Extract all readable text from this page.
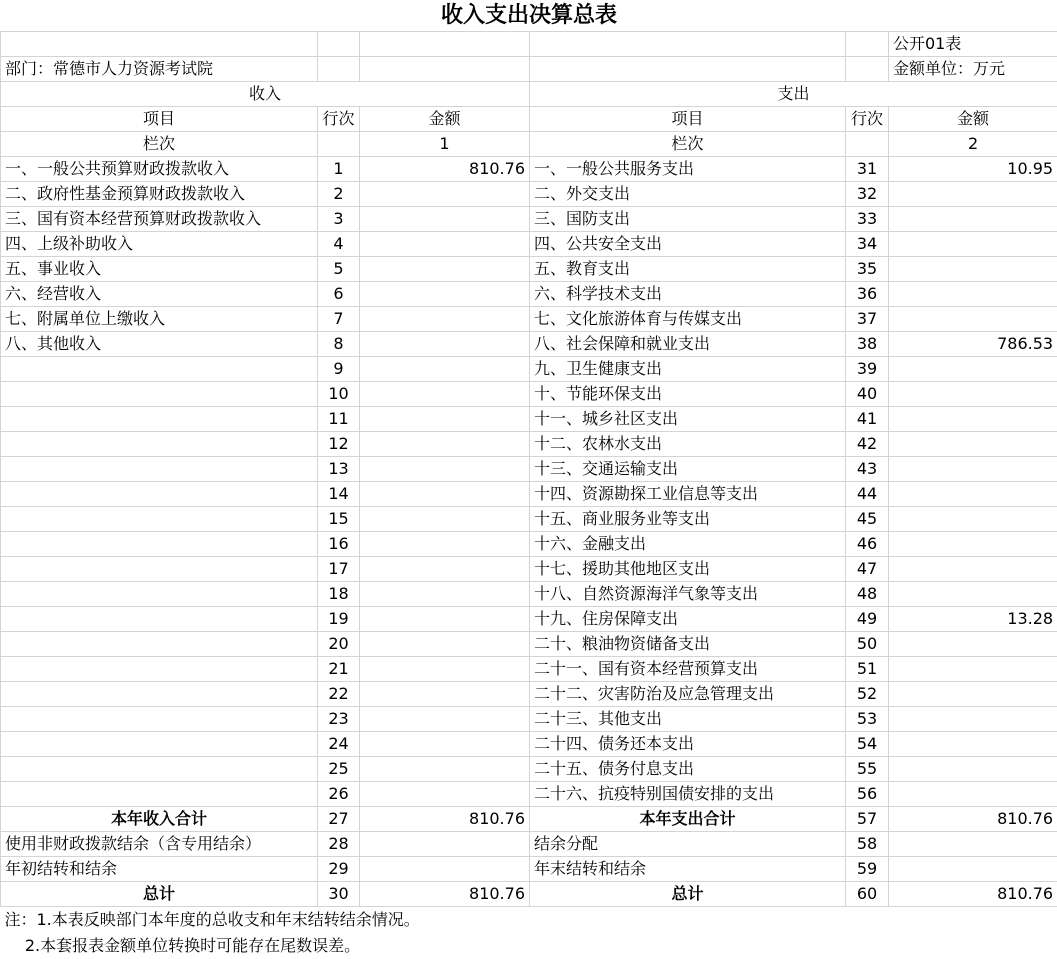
收入支出决算总表					
					公开01表
部门：常德市人力资源考试院					金额单位：万元
收入			支出		
项目	行次	金额	项目	行次	金额
栏次		1	栏次		2
一、一般公共预算财政拨款收入	1	810.76	一、一般公共服务支出	31	10.95
二、政府性基金预算财政拨款收入	2		二、外交支出	32	
三、国有资本经营预算财政拨款收入	3		三、国防支出	33	
四、上级补助收入	4		四、公共安全支出	34	
五、事业收入	5		五、教育支出	35	
六、经营收入	6		六、科学技术支出	36	
七、附属单位上缴收入	7		七、文化旅游体育与传媒支出	37	
八、其他收入	8		八、社会保障和就业支出	38	786.53
	9		九、卫生健康支出	39	
	10		十、节能环保支出	40	
	11		十一、城乡社区支出	41	
	12		十二、农林水支出	42	
	13		十三、交通运输支出	43	
	14		十四、资源勘探工业信息等支出	44	
	15		十五、商业服务业等支出	45	
	16		十六、金融支出	46	
	17		十七、援助其他地区支出	47	
	18		十八、自然资源海洋气象等支出	48	
	19		十九、住房保障支出	49	13.28
	20		二十、粮油物资储备支出	50	
	21		二十一、国有资本经营预算支出	51	
	22		二十二、灾害防治及应急管理支出	52	
	23		二十三、其他支出	53	
	24		二十四、债务还本支出	54	
	25		二十五、债务付息支出	55	
	26		二十六、抗疫特别国债安排的支出	56	
本年收入合计	27	810.76	本年支出合计	57	810.76
使用非财政拨款结余（含专用结余）	28		结余分配	58	
年初结转和结余	29		年末结转和结余	59	
总计	30	810.76	总计	60	810.76
注：1.本表反映部门本年度的总收支和年末结转结余情况。					
2.本套报表金额单位转换时可能存在尾数误差。					
